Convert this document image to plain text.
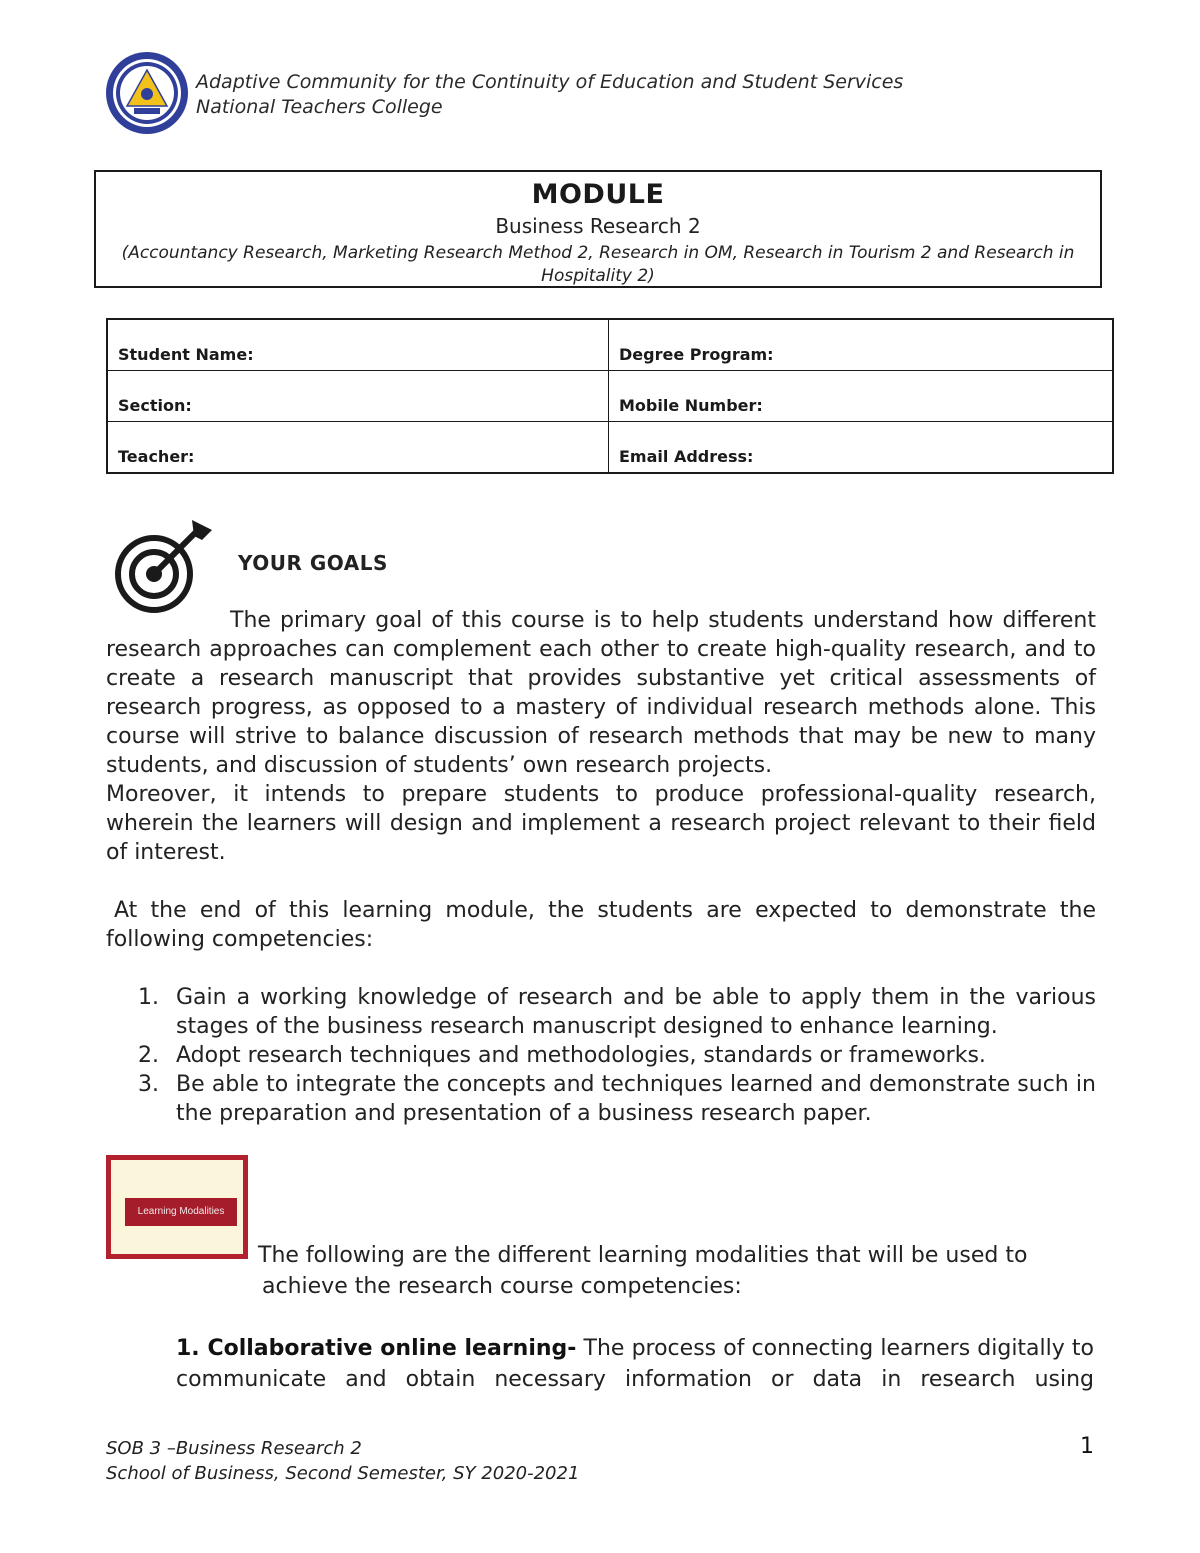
Adaptive Community for the Continuity of Education and Student Services
National Teachers College
MODULE
Business Research 2
(Accountancy Research, Marketing Research Method 2, Research in OM, Research in Tourism 2 and Research in Hospitality 2)
Student Name:	Degree Program:
Section:	Mobile Number:
Teacher:	Email Address:
YOUR GOALS
The primary goal of this course is to help students understand how different research approaches can complement each other to create high-quality research, and to create a research manuscript that provides substantive yet critical assessments of research progress, as opposed to a mastery of individual research methods alone. This course will strive to balance discussion of research methods that may be new to many students, and discussion of students’ own research projects.
Moreover, it intends to prepare students to produce professional-quality research, wherein the learners will design and implement a research project relevant to their field of interest.
At the end of this learning module, the students are expected to demonstrate the following competencies:
1. Gain a working knowledge of research and be able to apply them in the various stages of the business research manuscript designed to enhance learning.
2. Adopt research techniques and methodologies, standards or frameworks.
3. Be able to integrate the concepts and techniques learned and demonstrate such in the preparation and presentation of a business research paper.
Learning Modalities
The following are the different learning modalities that will be used to
achieve the research course competencies:
1. Collaborative online learning- The process of connecting learners digitally to communicate and obtain necessary information or data in research using
SOB 3 –Business Research 2
School of Business, Second Semester, SY 2020-2021
1
